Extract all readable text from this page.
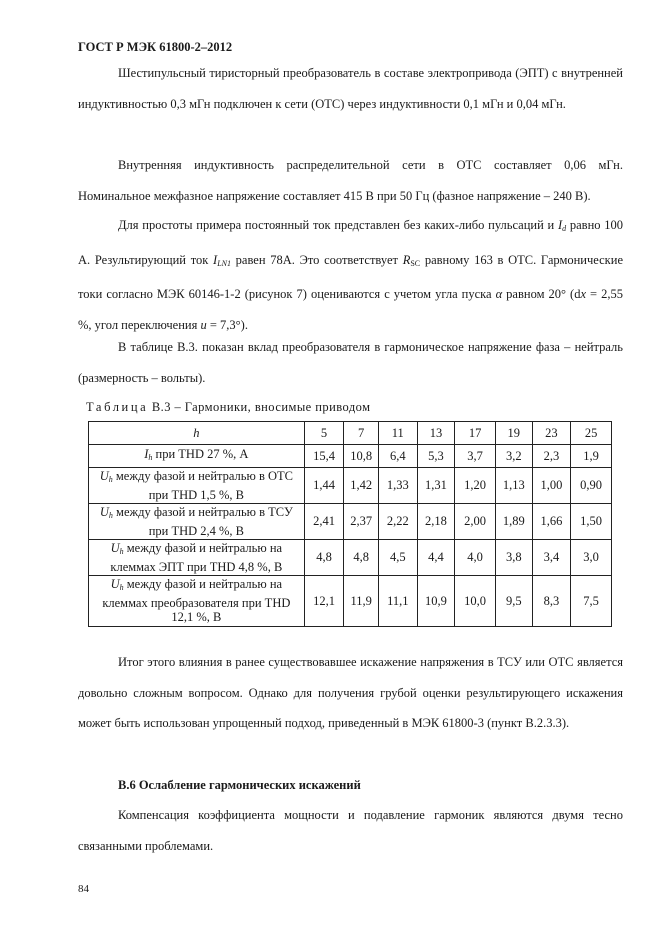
ГОСТ Р МЭК 61800-2–2012

Шестипульсный тиристорный преобразователь в составе электропривода (ЭПТ) с внутренней индуктивностью 0,3 мГн подключен к сети (ОТС) через индуктивности 0,1 мГн и 0,04 мГн.

Внутренняя индуктивность распределительной сети в ОТС составляет 0,06 мГн. Номинальное межфазное напряжение составляет 415 В при 50 Гц (фазное напряжение – 240 В).

Для простоты примера постоянный ток представлен без каких-либо пульсаций и Id равно 100 А. Результирующий ток ILN1 равен 78А. Это соответствует $R_{SC}$ равному 163 в ОТС. Гармонические токи согласно МЭК 60146-1-2 (рисунок 7) оцениваются с учетом угла пуска α равном 20° (dx = 2,55 %, угол переключения u = 7,3°).

В таблице В.3. показан вклад преобразователя в гармоническое напряжение фаза – нейтраль (размерность – вольты).

Таблица В.3 – Гармоники, вносимые приводом
h	5	7	11	13	17	19	23	25
Ih при THD 27 %, А	15,4	10,8	6,4	5,3	3,7	3,2	2,3	1,9
Uh между фазой и нейтралью в ОТС при THD 1,5 %, В	1,44	1,42	1,33	1,31	1,20	1,13	1,00	0,90
Uh между фазой и нейтралью в ТСУ при THD 2,4 %, В	2,41	2,37	2,22	2,18	2,00	1,89	1,66	1,50
Uh между фазой и нейтралью на клеммах ЭПТ при THD 4,8 %, В	4,8	4,8	4,5	4,4	4,0	3,8	3,4	3,0
Uh между фазой и нейтралью на клеммах преобразователя при THD 12,1 %, В	12,1	11,9	11,1	10,9	10,0	9,5	8,3	7,5

Итог этого влияния в ранее существовавшее искажение напряжения в ТСУ или ОТС является довольно сложным вопросом. Однако для получения грубой оценки результирующего искажения может быть использован упрощенный подход, приведенный в МЭК 61800-3 (пункт В.2.3.3).

В.6 Ослабление гармонических искажений

Компенсация коэффициента мощности и подавление гармоник являются двумя тесно связанными проблемами.

84
